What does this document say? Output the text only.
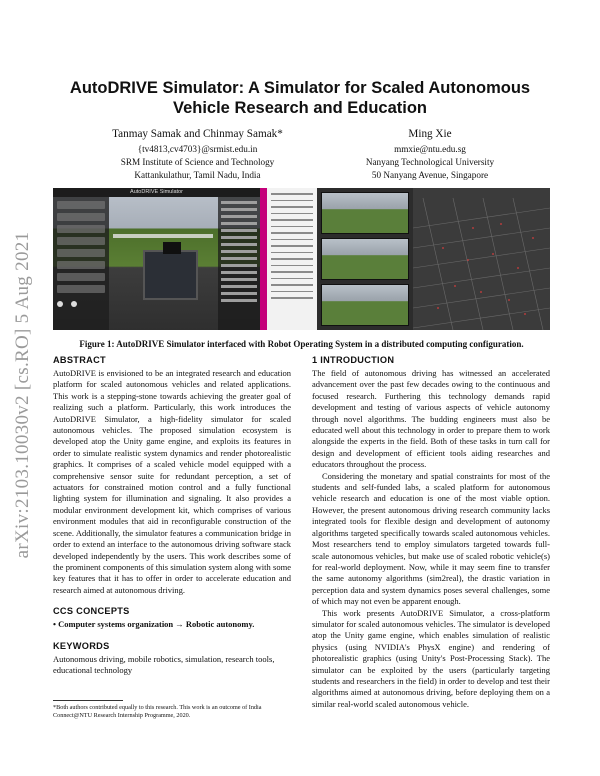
arXiv:2103.10030v2 [cs.RO] 5 Aug 2021
AutoDRIVE Simulator: A Simulator for Scaled Autonomous Vehicle Research and Education
Tanmay Samak and Chinmay Samak*
{tv4813,cv4703}@srmist.edu.in
SRM Institute of Science and Technology
Kattankulathur, Tamil Nadu, India
Ming Xie
mmxie@ntu.edu.sg
Nanyang Technological University
50 Nanyang Avenue, Singapore
AutoDRIVE Simulator
Figure 1: AutoDRIVE Simulator interfaced with Robot Operating System in a distributed computing configuration.
ABSTRACT
AutoDRIVE is envisioned to be an integrated research and education platform for scaled autonomous vehicles and related applications. This work is a stepping-stone towards achieving the greater goal of realizing such a platform. Particularly, this work introduces the AutoDRIVE Simulator, a high-fidelity simulator for scaled autonomous vehicles. The proposed simulation ecosystem is developed atop the Unity game engine, and exploits its features in order to simulate realistic system dynamics and render photorealistic graphics. It comprises of a scaled vehicle model equipped with a comprehensive sensor suite for redundant perception, a set of actuators for constrained motion control and a fully functional lighting system for illumination and signaling. It also provides a modular environment development kit, which comprises of various environment modules that aid in reconfigurable construction of the scene. Additionally, the simulator features a communication bridge in order to extend an interface to the autonomous driving software stack developed independently by the users. This work describes some of the prominent components of this simulation system along with some key features that it has to offer in order to accelerate education and research aimed at autonomous driving.
CCS CONCEPTS
• Computer systems organization → Robotic autonomy.
KEYWORDS
Autonomous driving, mobile robotics, simulation, research tools, educational technology
*Both authors contributed equally to this research. This work is an outcome of India Connect@NTU Research Internship Programme, 2020.
1 INTRODUCTION
The field of autonomous driving has witnessed an accelerated advancement over the past few decades owing to the continuous and focused research. Furthering this technology demands rapid development and testing of various aspects of vehicle autonomy through novel algorithms. The budding engineers must also be educated well about this technology in order to prepare them to work alongside the experts in the field. Both of these tasks in turn call for design and development of efficient tools aiding researches and educators throughout the process.
Considering the monetary and spatial constraints for most of the students and self-funded labs, a scaled platform for autonomous vehicle research and education is one of the most viable option. However, the present autonomous driving research community lacks integrated tools for flexible design and development of autonomy algorithms targeted specifically towards scaled autonomous vehicles. Most researchers tend to employ simulators targeted towards full-scale autonomous vehicles, but make use of scaled robotic vehicle(s) for real-world deployment. Now, while it may seem fine to transfer the same autonomy algorithms (sim2real), the drastic variation in perception data and system dynamics poses several challenges, some of which may not even be apparent enough.
This work presents AutoDRIVE Simulator, a cross-platform simulator for scaled autonomous vehicles. The simulator is developed atop the Unity game engine, which enables simulation of realistic physics (using NVIDIA's PhysX engine) and rendering of photorealistic graphics (using Unity's Post-Processing Stack). The simulator can be exploited by the users (particularly targeting students and researchers in the field) in order to develop and test their algorithms aimed at autonomous driving, before deploying them on a similar real-world scaled autonomous vehicle.
